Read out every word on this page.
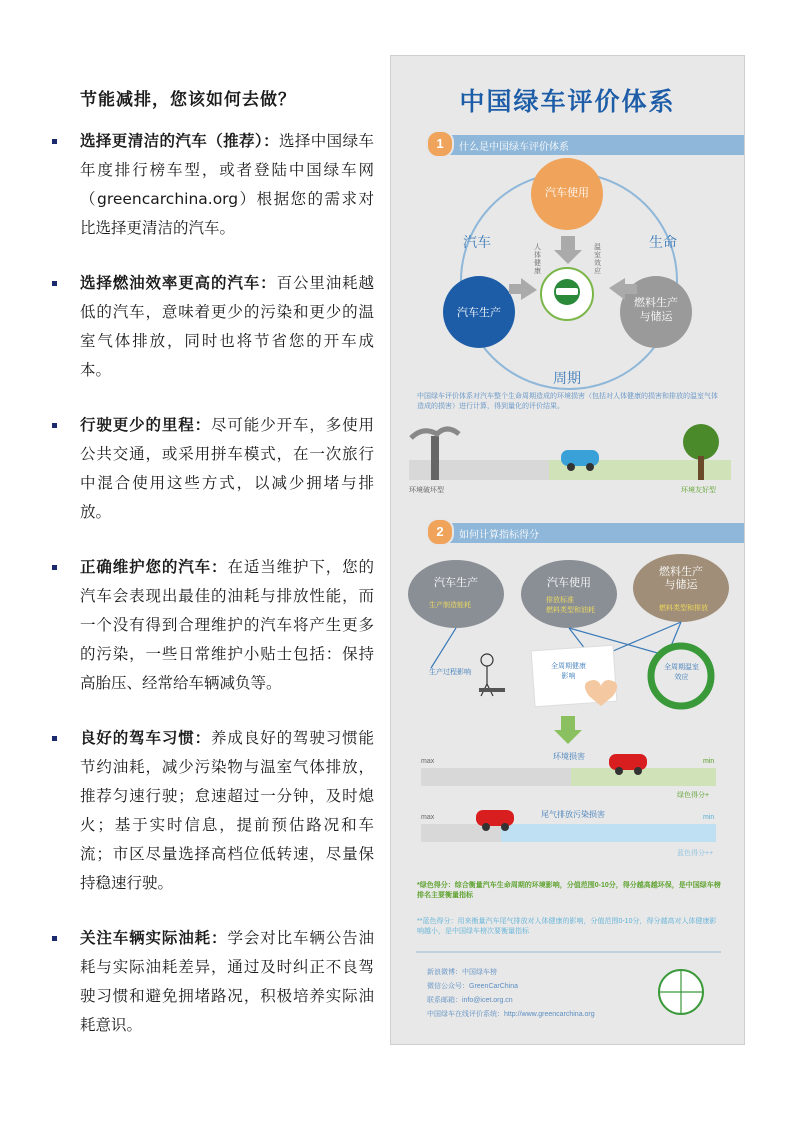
节能减排，您该如何去做？
选择更清洁的汽车（推荐）：选择中国绿车年度排行榜车型，或者登陆中国绿车网（greencarchina.org）根据您的需求对比选择更清洁的汽车。
选择燃油效率更高的汽车：百公里油耗越低的汽车，意味着更少的污染和更少的温室气体排放，同时也将节省您的开车成本。
行驶更少的里程：尽可能少开车，多使用公共交通，或采用拼车模式，在一次旅行中混合使用这些方式，以减少拥堵与排放。
正确维护您的汽车：在适当维护下，您的汽车会表现出最佳的油耗与排放性能，而一个没有得到合理维护的汽车将产生更多的污染，一些日常维护小贴士包括：保持高胎压、经常给车辆减负等。
良好的驾车习惯：养成良好的驾驶习惯能节约油耗，减少污染物与温室气体排放，推荐匀速行驶；怠速超过一分钟，及时熄火；基于实时信息，提前预估路况和车流；市区尽量选择高档位低转速，尽量保持稳速行驶。
关注车辆实际油耗：学会对比车辆公告油耗与实际油耗差异，通过及时纠正不良驾驶习惯和避免拥堵路况，积极培养实际油耗意识。
中国绿车评价体系
1	什么是中国绿车评价体系
汽车使用
汽车生产
燃料生产
与储运
汽车	生命
周期
人体健康
温室效应
中国绿车评价体系对汽车整个生命周期造成的环境损害（包括对人体健康的损害和排放的温室气体造成的损害）进行计算，得到量化的评价结果。
环境破坏型	环境友好型
2	如何计算指标得分
汽车生产	汽车使用
燃料生产
与储运
生产制造能耗
排放标准
燃料类型和油耗	燃料类型和排放
生产过程影响
全周期健康
影响
全周期温室
效应
max	min
环境损害
绿色得分+
max	min
尾气排放污染损害
蓝色得分++
*绿色得分：综合衡量汽车生命周期的环境影响，分值范围0-10分，得分越高越环保，是中国绿车榜排名主要衡量指标
**蓝色得分：用来衡量汽车尾气排放对人体健康的影响，分值范围0-10分，得分越高对人体健康影响越小，是中国绿车榜次要衡量指标
新浪微博：中国绿车榜
微信公众号：GreenCarChina
联系邮箱：info@icet.org.cn
中国绿车在线评价系统：http://www.greencarchina.org
